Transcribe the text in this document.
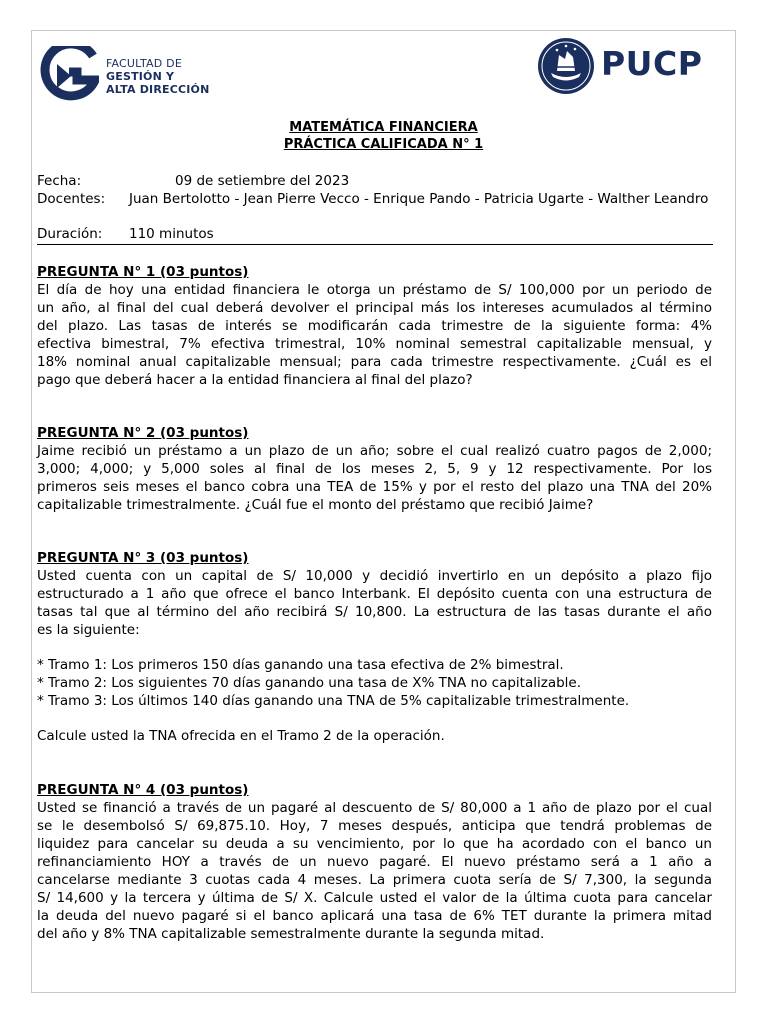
FACULTAD DE
GESTIÓN Y
ALTA DIRECCIÓN
PUCP
MATEMÁTICA FINANCIERA
PRÁCTICA CALIFICADA N° 1
Fecha:	09 de setiembre del 2023
Docentes: Juan Bertolotto - Jean Pierre Vecco - Enrique Pando - Patricia Ugarte - Walther Leandro
Duración: 110 minutos
PREGUNTA N° 1 (03 puntos)
El día de hoy una entidad financiera le otorga un préstamo de S/ 100,000 por un periodo de
un año, al final del cual deberá devolver el principal más los intereses acumulados al término
del plazo. Las tasas de interés se modificarán cada trimestre de la siguiente forma: 4%
efectiva bimestral, 7% efectiva trimestral, 10% nominal semestral capitalizable mensual, y
18% nominal anual capitalizable mensual; para cada trimestre respectivamente. ¿Cuál es el
pago que deberá hacer a la entidad financiera al final del plazo?
PREGUNTA N° 2 (03 puntos)
Jaime recibió un préstamo a un plazo de un año; sobre el cual realizó cuatro pagos de 2,000;
3,000; 4,000; y 5,000 soles al final de los meses 2, 5, 9 y 12 respectivamente. Por los
primeros seis meses el banco cobra una TEA de 15% y por el resto del plazo una TNA del 20%
capitalizable trimestralmente. ¿Cuál fue el monto del préstamo que recibió Jaime?
PREGUNTA N° 3 (03 puntos)
Usted cuenta con un capital de S/ 10,000 y decidió invertirlo en un depósito a plazo fijo
estructurado a 1 año que ofrece el banco Interbank. El depósito cuenta con una estructura de
tasas tal que al término del año recibirá S/ 10,800. La estructura de las tasas durante el año
es la siguiente:
* Tramo 1: Los primeros 150 días ganando una tasa efectiva de 2% bimestral.
* Tramo 2: Los siguientes 70 días ganando una tasa de X% TNA no capitalizable.
* Tramo 3: Los últimos 140 días ganando una TNA de 5% capitalizable trimestralmente.
Calcule usted la TNA ofrecida en el Tramo 2 de la operación.
PREGUNTA N° 4 (03 puntos)
Usted se financió a través de un pagaré al descuento de S/ 80,000 a 1 año de plazo por el cual
se le desembolsó S/ 69,875.10. Hoy, 7 meses después, anticipa que tendrá problemas de
liquidez para cancelar su deuda a su vencimiento, por lo que ha acordado con el banco un
refinanciamiento HOY a través de un nuevo pagaré. El nuevo préstamo será a 1 año a
cancelarse mediante 3 cuotas cada 4 meses. La primera cuota sería de S/ 7,300, la segunda
S/ 14,600 y la tercera y última de S/ X. Calcule usted el valor de la última cuota para cancelar
la deuda del nuevo pagaré si el banco aplicará una tasa de 6% TET durante la primera mitad
del año y 8% TNA capitalizable semestralmente durante la segunda mitad.
